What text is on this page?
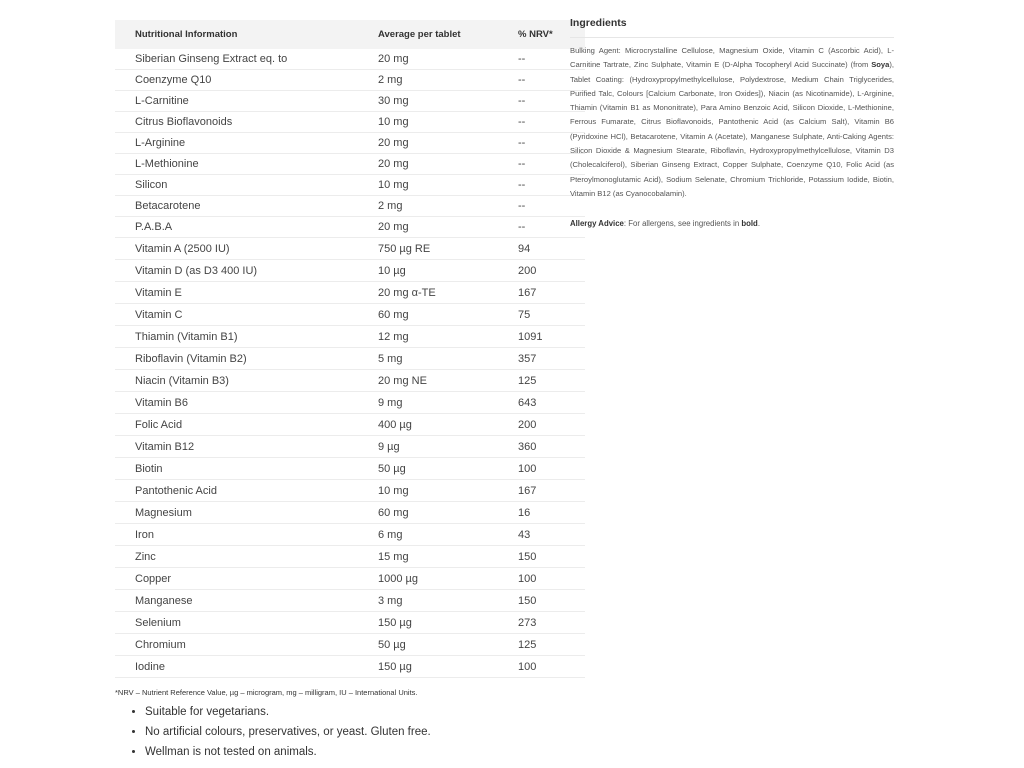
Nutritional Information	Average per tablet	% NRV*
Siberian Ginseng Extract eq. to	20 mg	--
Coenzyme Q10	2 mg	--
L-Carnitine	30 mg	--
Citrus Bioflavonoids	10 mg	--
L-Arginine	20 mg	--
L-Methionine	20 mg	--
Silicon	10 mg	--
Betacarotene	2 mg	--
P.A.B.A	20 mg	--
Vitamin A (2500 IU)	750 µg RE	94
Vitamin D (as D3 400 IU)	10 µg	200
Vitamin E	20 mg α-TE	167
Vitamin C	60 mg	75
Thiamin (Vitamin B1)	12 mg	1091
Riboflavin (Vitamin B2)	5 mg	357
Niacin (Vitamin B3)	20 mg NE	125
Vitamin B6	9 mg	643
Folic Acid	400 µg	200
Vitamin B12	9 µg	360
Biotin	50 µg	100
Pantothenic Acid	10 mg	167
Magnesium	60 mg	16
Iron	6 mg	43
Zinc	15 mg	150
Copper	1000 µg	100
Manganese	3 mg	150
Selenium	150 µg	273
Chromium	50 µg	125
Iodine	150 µg	100
*NRV – Nutrient Reference Value, µg – microgram, mg – milligram, IU – International Units.
• Suitable for vegetarians.
• No artificial colours, preservatives, or yeast. Gluten free.
• Wellman is not tested on animals.
Ingredients
Bulking Agent: Microcrystalline Cellulose, Magnesium Oxide, Vitamin C (Ascorbic Acid), L-Carnitine Tartrate, Zinc Sulphate, Vitamin E (D-Alpha Tocopheryl Acid Succinate) (from Soya), Tablet Coating: (Hydroxypropylmethylcellulose, Polydextrose, Medium Chain Triglycerides, Purified Talc, Colours [Calcium Carbonate, Iron Oxides]), Niacin (as Nicotinamide), L-Arginine, Thiamin (Vitamin B1 as Mononitrate), Para Amino Benzoic Acid, Silicon Dioxide, L-Methionine, Ferrous Fumarate, Citrus Bioflavonoids, Pantothenic Acid (as Calcium Salt), Vitamin B6 (Pyridoxine HCl), Betacarotene, Vitamin A (Acetate), Manganese Sulphate, Anti-Caking Agents: Silicon Dioxide & Magnesium Stearate, Riboflavin, Hydroxypropylmethylcellulose, Vitamin D3 (Cholecalciferol), Siberian Ginseng Extract, Copper Sulphate, Coenzyme Q10, Folic Acid (as Pteroylmonoglutamic Acid), Sodium Selenate, Chromium Trichloride, Potassium Iodide, Biotin, Vitamin B12 (as Cyanocobalamin).
Allergy Advice: For allergens, see ingredients in bold.
